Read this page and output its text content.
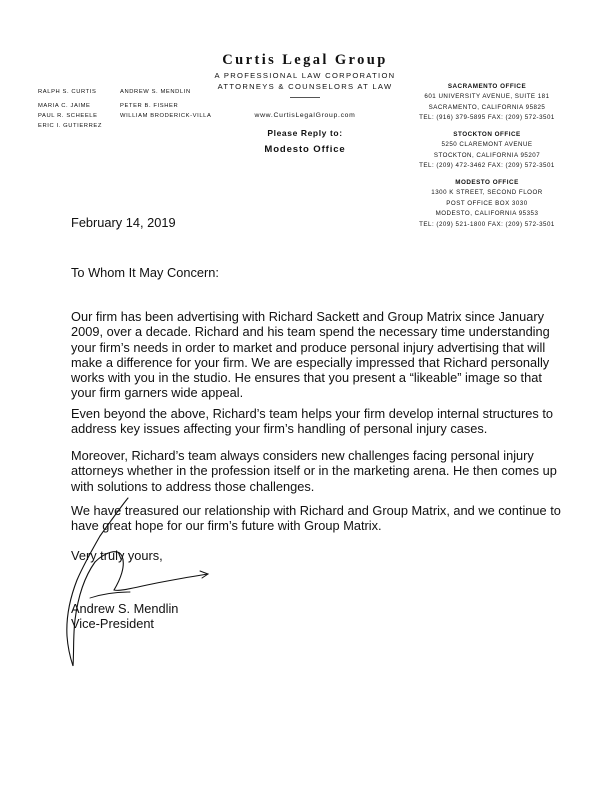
Curtis Legal Group
A PROFESSIONAL LAW CORPORATION
ATTORNEYS & COUNSELORS AT LAW
RALPH S. CURTIS
MARIA C. JAIME
PAUL R. SCHEELE
ERIC I. GUTIERREZ
ANDREW S. MENDLIN
PETER B. FISHER
WILLIAM BRODERICK-VILLA	www.CurtisLegalGroup.com
Please Reply to:
Modesto Office
SACRAMENTO OFFICE
601 UNIVERSITY AVENUE, SUITE 181
SACRAMENTO, CALIFORNIA 95825
TEL: (916) 379-5895 FAX: (209) 572-3501
STOCKTON OFFICE
5250 CLAREMONT AVENUE
STOCKTON, CALIFORNIA 95207
TEL: (209) 472-3462 FAX: (209) 572-3501
MODESTO OFFICE
1300 K STREET, SECOND FLOOR
POST OFFICE BOX 3030
MODESTO, CALIFORNIA 95353
TEL: (209) 521-1800 FAX: (209) 572-3501
February 14, 2019
To Whom It May Concern:
Our firm has been advertising with Richard Sackett and Group Matrix since January
2009, over a decade. Richard and his team spend the necessary time understanding
your firm’s needs in order to market and produce personal injury advertising that will
make a difference for your firm. We are especially impressed that Richard personally
works with you in the studio. He ensures that you present a “likeable” image so that
your firm garners wide appeal.
Even beyond the above, Richard’s team helps your firm develop internal structures to
address key issues affecting your firm’s handling of personal injury cases.
Moreover, Richard’s team always considers new challenges facing personal injury
attorneys whether in the profession itself or in the marketing arena. He then comes up
with solutions to address those challenges.
We have treasured our relationship with Richard and Group Matrix, and we continue to
have great hope for our firm’s future with Group Matrix.
Very truly yours,
Andrew S. Mendlin
Vice-President
